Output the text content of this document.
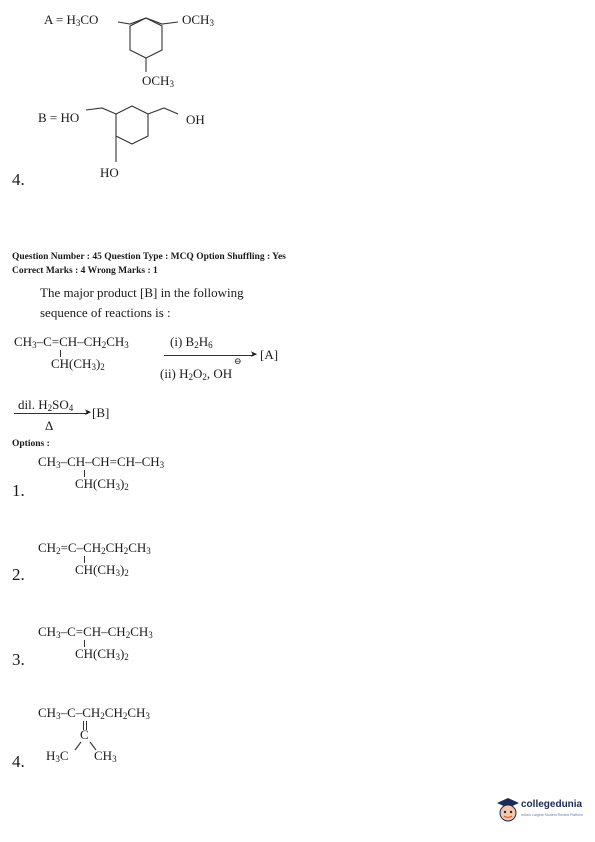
$A = H_3CO$	$OCH_3$
$OCH_3$
B = HO	OH
HO
4.
Question Number : 45 Question Type : MCQ Option Shuffling : Yes
Correct Marks : 4 Wrong Marks : 1
The major product [B] in the following
sequence of reactions is :
$CH_3-C=CH-CH_2CH_3$
$CH(CH_3)_2$
(i) $B_2H_6$
➤ [A]
⊖
(ii) $H_2O_2$, OH
dil. $H_2SO_4$ ➤ [B]
Δ
Options :
$CH_3-CH-CH=CH-CH_3$
$CH(CH_3)_2$
1.
$CH_2=C-CH_2CH_2CH_3$
$CH(CH_3)_2$
2.
$CH_3-C=CH-CH_2CH_3$
$CH(CH_3)_2$
3.
$CH_3-C-CH_2CH_2CH_3$
C
$H_3C$ $CH_3$
4.
collegedunia
India's Largest Student Review Platform
